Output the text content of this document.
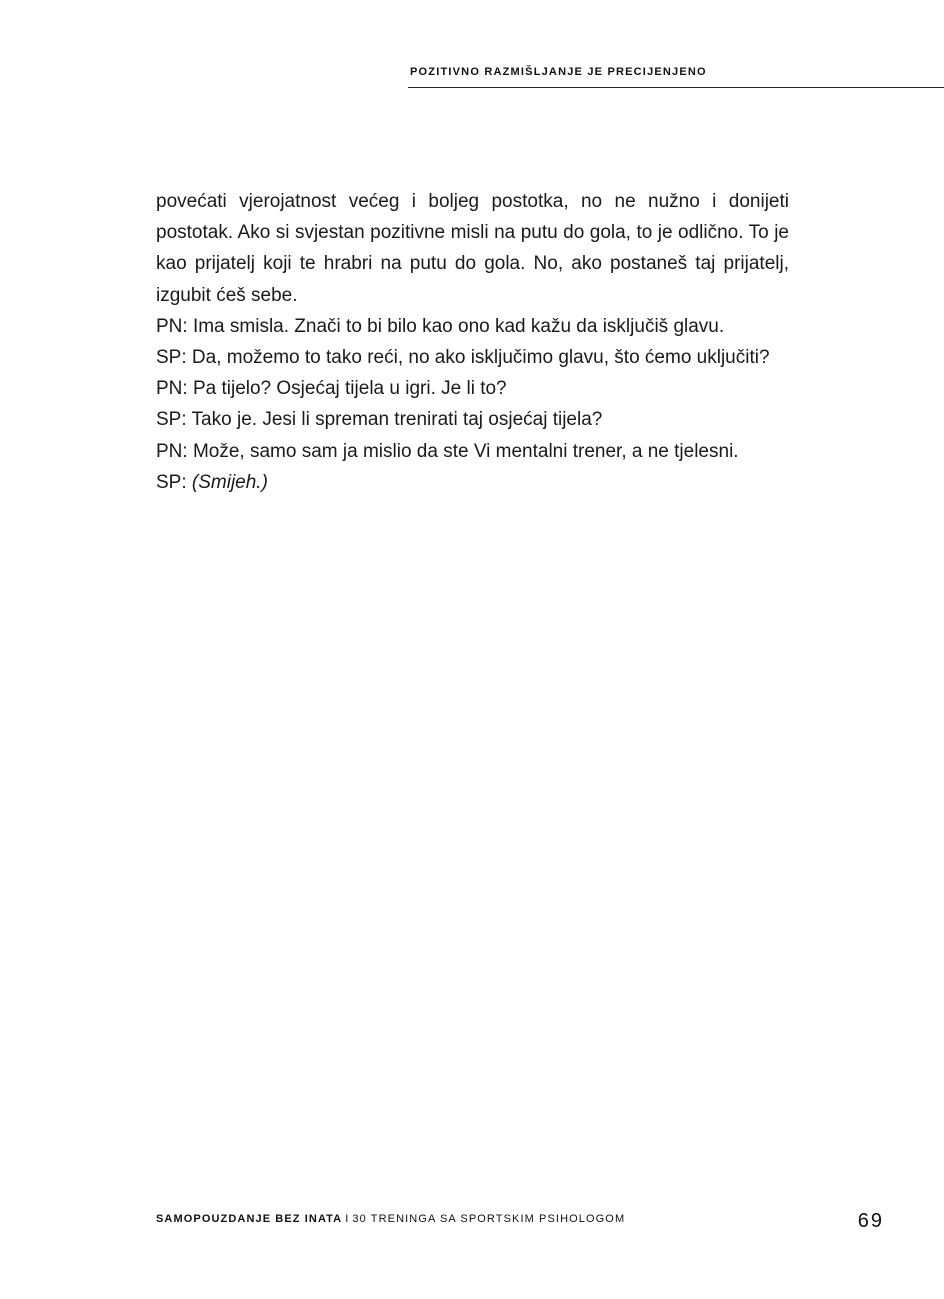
POZITIVNO RAZMIŠLJANJE JE PRECIJENJENO

povećati vjerojatnost većeg i boljeg postotka, no ne nužno i donijeti postotak. Ako si svjestan pozitivne misli na putu do gola, to je odlično. To je kao prijatelj koji te hrabri na putu do gola. No, ako postaneš taj prijatelj, izgubit ćeš sebe.

PN: Ima smisla. Znači to bi bilo kao ono kad kažu da isključiš glavu.

SP: Da, možemo to tako reći, no ako isključimo glavu, što ćemo uključiti?

PN: Pa tijelo? Osjećaj tijela u igri. Je li to?

SP: Tako je. Jesi li spreman trenirati taj osjećaj tijela?

PN: Može, samo sam ja mislio da ste Vi mentalni trener, a ne tjelesni.

SP: (Smijeh.)

SAMOPOUZDANJE BEZ INATA I 30 TRENINGA SA SPORTSKIM PSIHOLOGOM	69
